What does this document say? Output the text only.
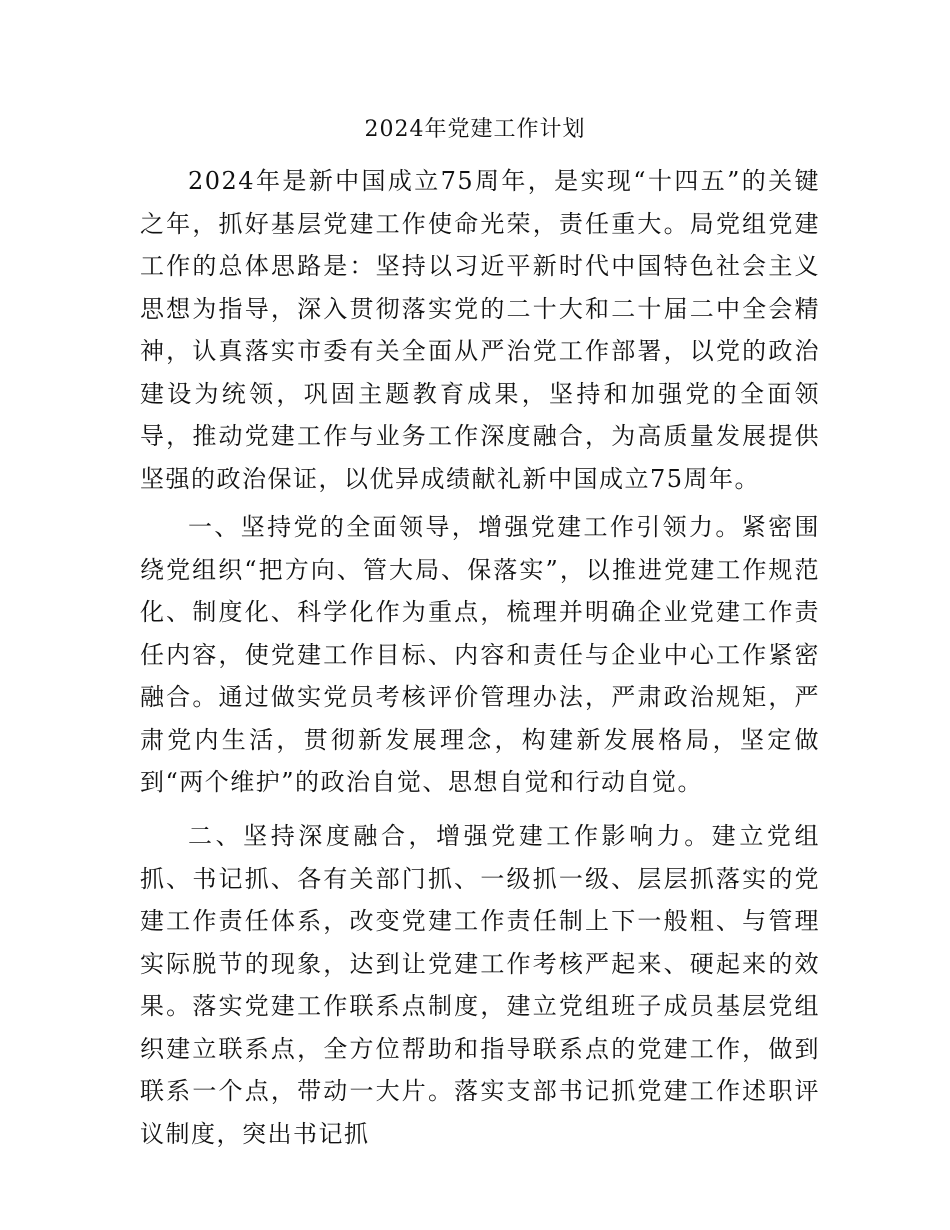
2024年党建工作计划

2024年是新中国成立75周年，是实现“十四五”的关键之年，抓好基层党建工作使命光荣，责任重大。局党组党建工作的总体思路是：坚持以习近平新时代中国特色社会主义思想为指导，深入贯彻落实党的二十大和二十届二中全会精神，认真落实市委有关全面从严治党工作部署，以党的政治建设为统领，巩固主题教育成果，坚持和加强党的全面领导，推动党建工作与业务工作深度融合，为高质量发展提供坚强的政治保证，以优异成绩献礼新中国成立75周年。

一、坚持党的全面领导，增强党建工作引领力。紧密围绕党组织“把方向、管大局、保落实”，以推进党建工作规范化、制度化、科学化作为重点，梳理并明确企业党建工作责任内容，使党建工作目标、内容和责任与企业中心工作紧密融合。通过做实党员考核评价管理办法，严肃政治规矩，严肃党内生活，贯彻新发展理念，构建新发展格局，坚定做到“两个维护”的政治自觉、思想自觉和行动自觉。

二、坚持深度融合，增强党建工作影响力。建立党组抓、书记抓、各有关部门抓、一级抓一级、层层抓落实的党建工作责任体系，改变党建工作责任制上下一般粗、与管理实际脱节的现象，达到让党建工作考核严起来、硬起来的效果。落实党建工作联系点制度，建立党组班子成员基层党组织建立联系点，全方位帮助和指导联系点的党建工作，做到联系一个点，带动一大片。落实支部书记抓党建工作述职评议制度，突出书记抓
